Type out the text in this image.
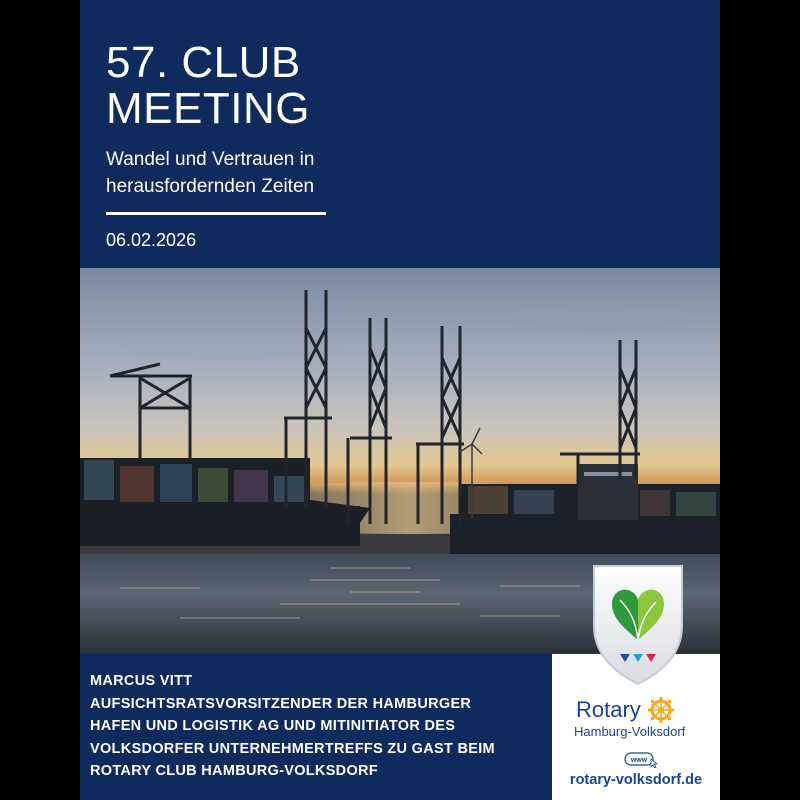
57. CLUB
MEETING

Wandel und Vertrauen in
herausfordernden Zeiten

06.02.2026

MARCUS VITT
AUFSICHTSRATSVORSITZENDER DER HAMBURGER
HAFEN UND LOGISTIK AG UND MITINITIATOR DES
VOLKSDORFER UNTERNEHMERTREFFS ZU GAST BEIM
ROTARY CLUB HAMBURG-VOLKSDORF
Rotary
Hamburg-Volksdorf
www
rotary-volksdorf.de
